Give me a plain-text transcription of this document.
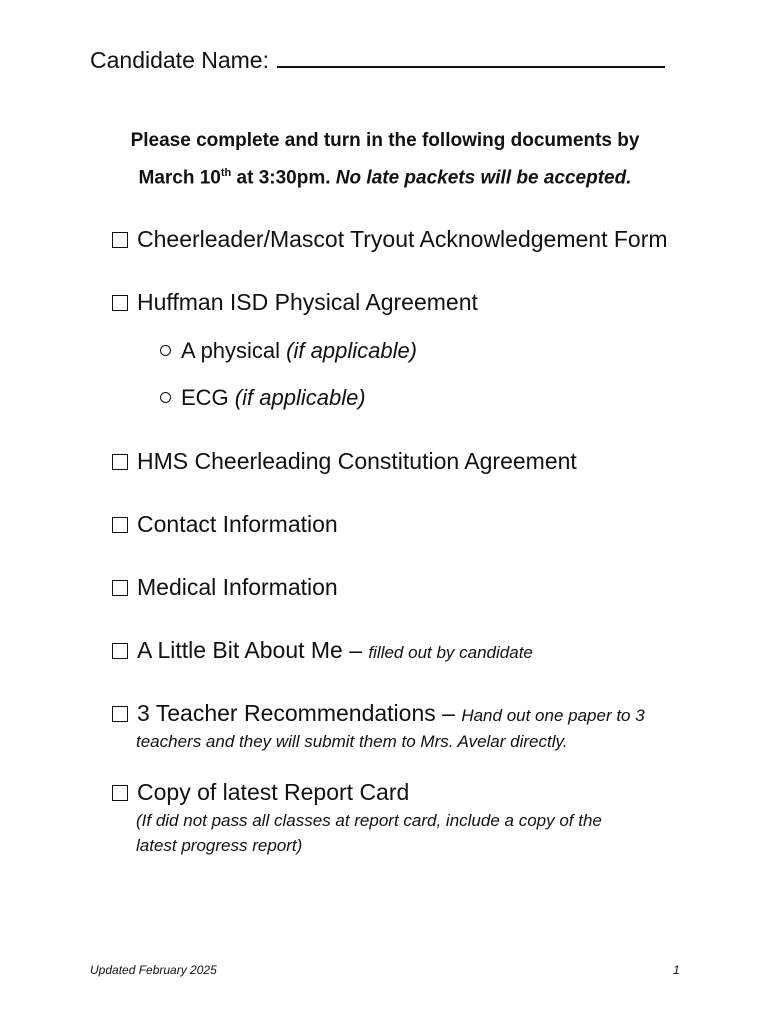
Candidate Name:
Please complete and turn in the following documents by
March 10th at 3:30pm. No late packets will be accepted.
Cheerleader/Mascot Tryout Acknowledgement Form
Huffman ISD Physical Agreement
A physical (if applicable)
ECG (if applicable)
HMS Cheerleading Constitution Agreement
Contact Information
Medical Information
A Little Bit About Me – filled out by candidate
3 Teacher Recommendations – Hand out one paper to 3
teachers and they will submit them to Mrs. Avelar directly.
Copy of latest Report Card
(If did not pass all classes at report card, include a copy of the
latest progress report)
Updated February 2025	1
